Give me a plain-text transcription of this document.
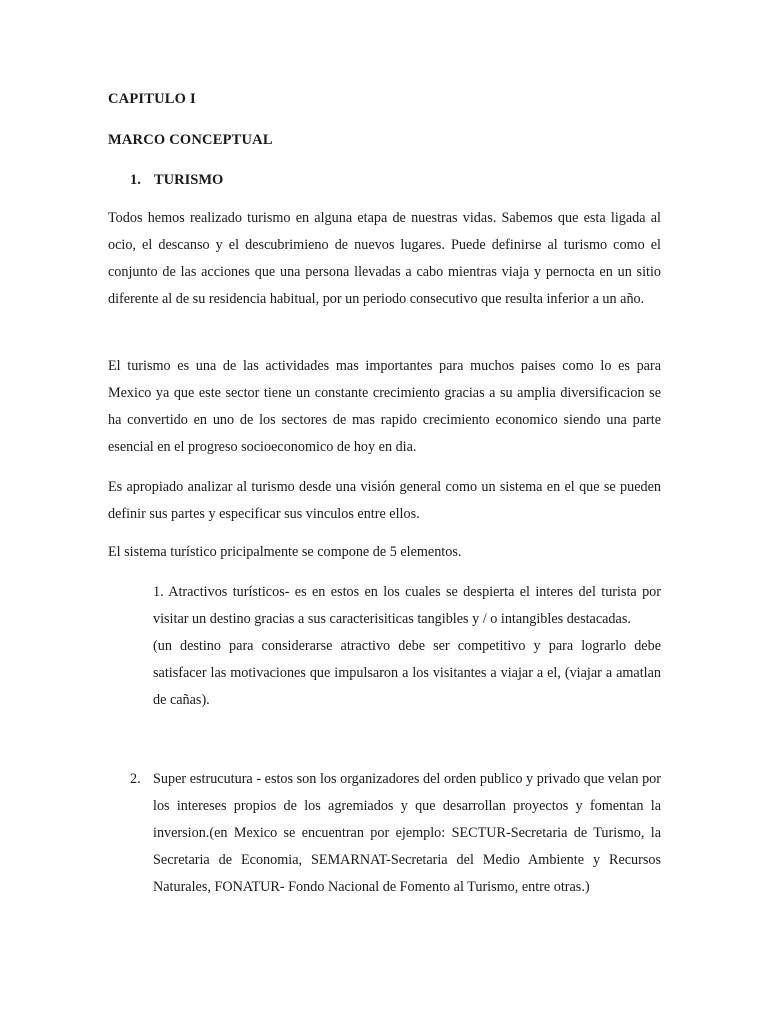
CAPITULO I
MARCO CONCEPTUAL
1. TURISMO

Todos hemos realizado turismo en alguna etapa de nuestras vidas. Sabemos que esta ligada al ocio, el descanso y el descubrimieno de nuevos lugares. Puede definirse al turismo como el conjunto de las acciones que una persona llevadas a cabo mientras viaja y pernocta en un sitio diferente al de su residencia habitual, por un periodo consecutivo que resulta inferior a un año.

El turismo es una de las actividades mas importantes para muchos paises como lo es para Mexico ya que este sector tiene un constante crecimiento gracias a su amplia diversificacion se ha convertido en uno de los sectores de mas rapido crecimiento economico siendo una parte esencial en el progreso socioeconomico de hoy en dia.

Es apropiado analizar al turismo desde una visión general como un sistema en el que se pueden definir sus partes y especificar sus vinculos entre ellos.

El sistema turístico pricipalmente se compone de 5 elementos.

1. Atractivos turísticos- es en estos en los cuales se despierta el interes del turista por visitar un destino gracias a sus caracterisiticas tangibles y / o intangibles destacadas.

(un destino para considerarse atractivo debe ser competitivo y para lograrlo debe satisfacer las motivaciones que impulsaron a los visitantes a viajar a el, (viajar a amatlan de cañas).

2. Super estrucutura - estos son los organizadores del orden publico y privado que velan por los intereses propios de los agremiados y que desarrollan proyectos y fomentan la inversion.(en Mexico se encuentran por ejemplo: SECTUR-Secretaria de Turismo, la Secretaria de Economia, SEMARNAT-Secretaria del Medio Ambiente y Recursos Naturales, FONATUR- Fondo Nacional de Fomento al Turismo, entre otras.)
